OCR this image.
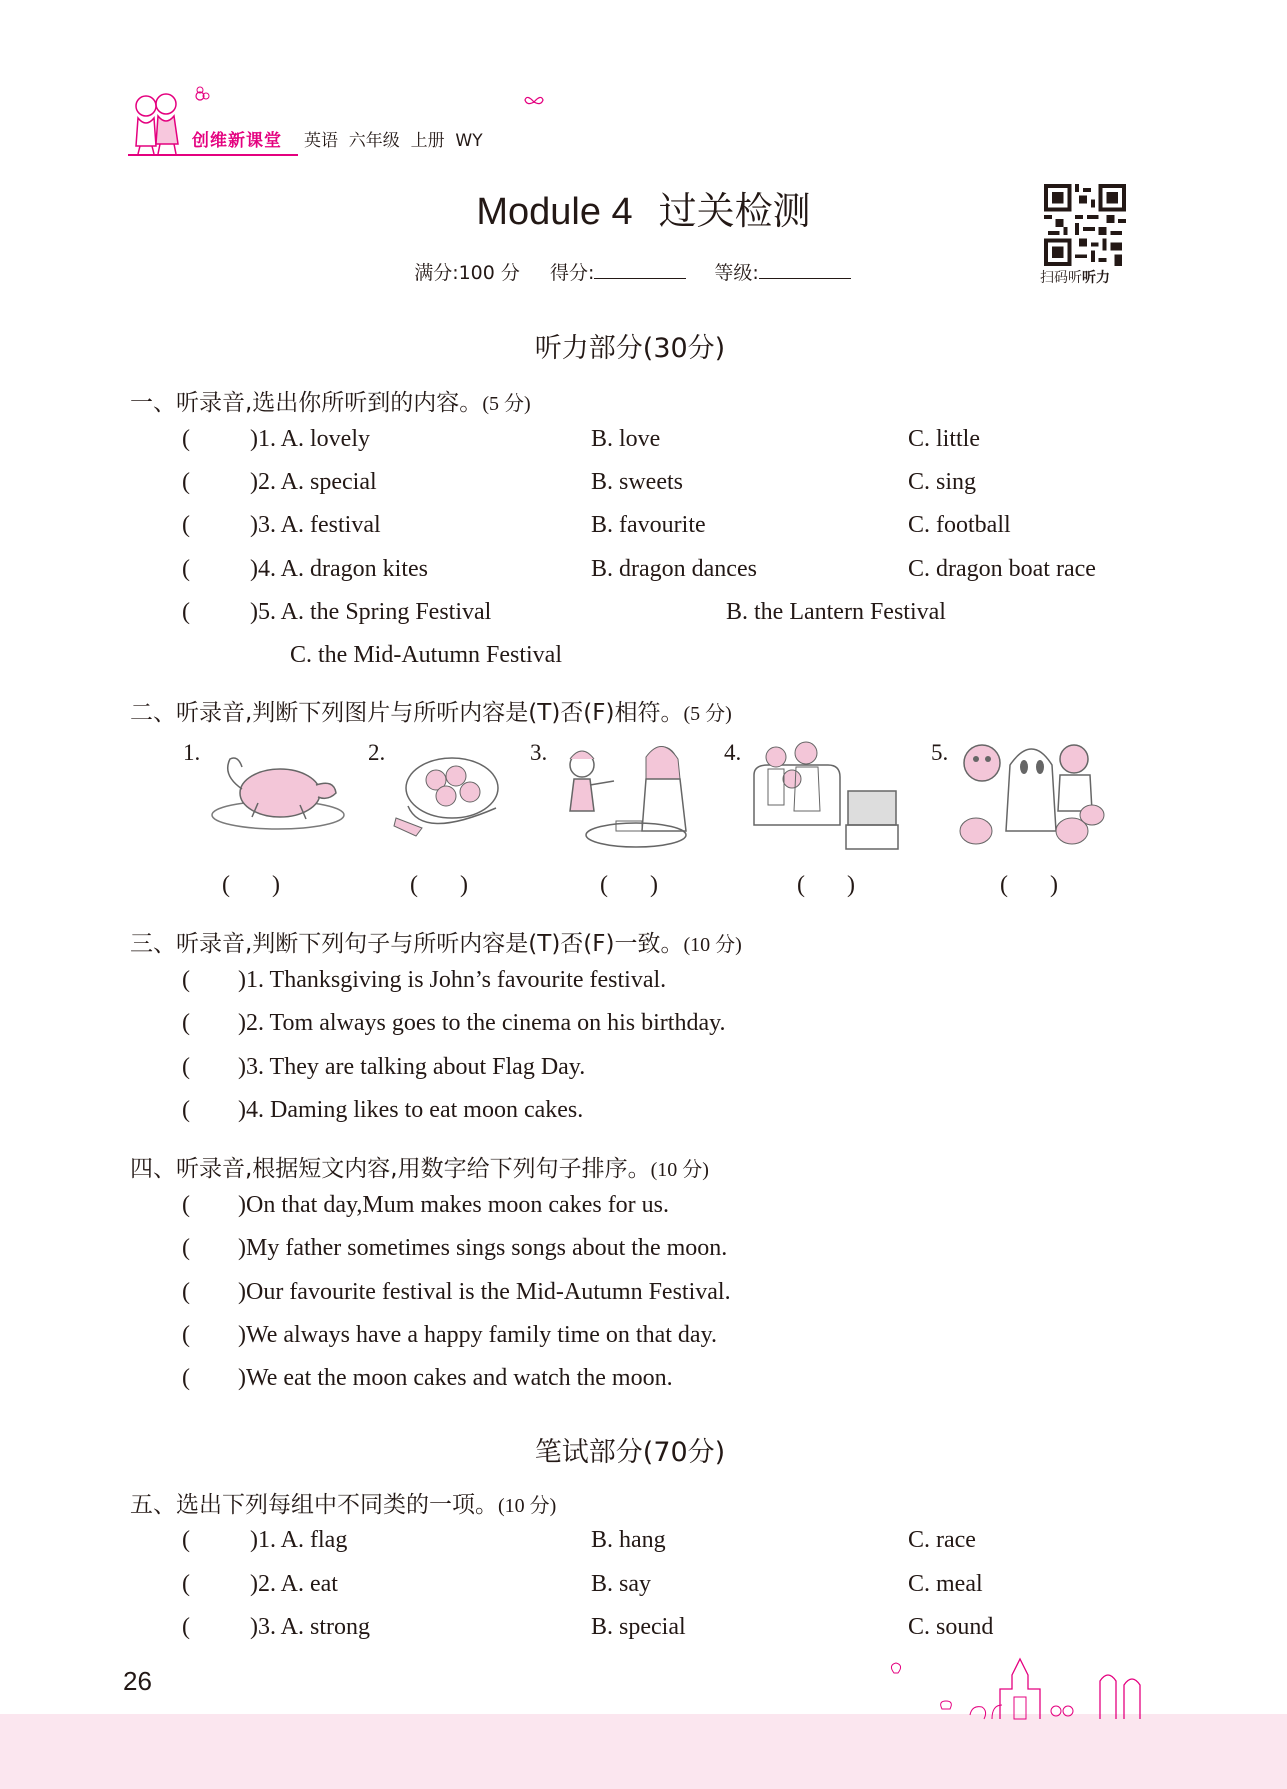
创维新课堂 英语  六年级  上册  WY
Module 4 过关检测
满分:100 分 得分:	等级:	扫码听听力
听力部分(30分)
一、听录音,选出你所听到的内容。(5 分)
(	)1. A. lovely	B. love	C. little
(	)2. A. special	B. sweets	C. sing
(	)3. A. festival	B. favourite	C. football
(	)4. A. dragon kites	B. dragon dances	C. dragon boat race
(	)5. A. the Spring Festival	B. the Lantern Festival
C. the Mid-Autumn Festival
二、听录音,判断下列图片与所听内容是(T)否(F)相符。(5 分)
1.
(       )
2.
(       )
3.
(       )
4.
(       )
5.
(       )
三、听录音,判断下列句子与所听内容是(T)否(F)一致。(10 分)
( )1. Thanksgiving is John’s favourite festival.
( )2. Tom always goes to the cinema on his birthday.
( )3. They are talking about Flag Day.
( )4. Daming likes to eat moon cakes.
四、听录音,根据短文内容,用数字给下列句子排序。(10 分)
( )On that day,Mum makes moon cakes for us.
( )My father sometimes sings songs about the moon.
( )Our favourite festival is the Mid-Autumn Festival.
( )We always have a happy family time on that day.
( )We eat the moon cakes and watch the moon.
笔试部分(70分)
五、选出下列每组中不同类的一项。(10 分)
(	)1. A. flag	B. hang	C. race
(	)2. A. eat	B. say	C. meal
(	)3. A. strong	B. special	C. sound
26
